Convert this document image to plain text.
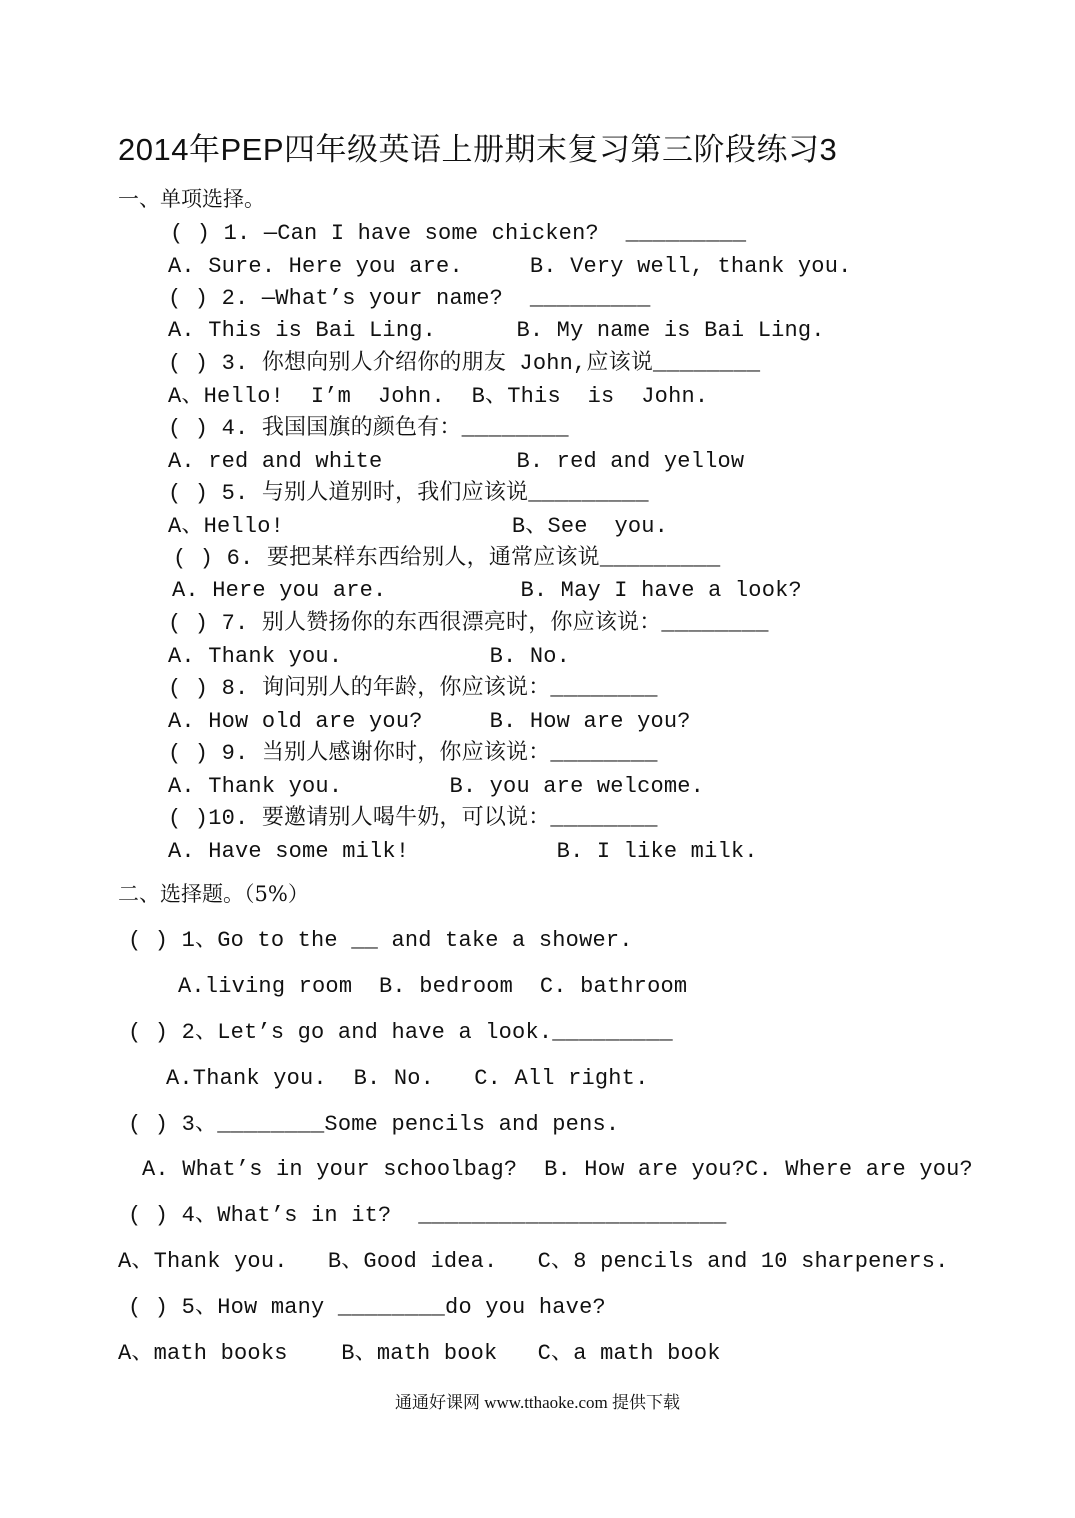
2014年PEP四年级英语上册期末复习第三阶段练习3
一、单项选择。
( ) 1. —Can I have some chicken?  _________
A. Sure. Here you are.     B. Very well, thank you.
( ) 2. —What’s your name?  _________
A. This is Bai Ling.      B. My name is Bai Ling.
( ) 3. 你想向别人介绍你的朋友 John,应该说________
A、Hello!  I’m  John.  B、This  is  John.
( ) 4. 我国国旗的颜色有：________
A. red and white          B. red and yellow
( ) 5. 与别人道别时，我们应该说_________
A、Hello!                 B、See  you.
( ) 6. 要把某样东西给别人，通常应该说_________
A. Here you are.          B. May I have a look?
( ) 7. 别人赞扬你的东西很漂亮时，你应该说：________
A. Thank you.           B. No.
( ) 8. 询问别人的年龄，你应该说：________
A. How old are you?     B. How are you?
( ) 9. 当别人感谢你时，你应该说：________
A. Thank you.        B. you are welcome.
( )10. 要邀请别人喝牛奶，可以说：________
A. Have some milk!           B. I like milk.
二、选择题。（5%）
( ) 1、Go to the __ and take a shower.
A.living room  B. bedroom  C. bathroom
( ) 2、Let’s go and have a look._________
A.Thank you.  B. No.   C. All right.
( ) 3、________Some pencils and pens.
A. What’s in your schoolbag?  B. How are you?C. Where are you?
( ) 4、What’s in it?  _______________________
A、Thank you.   B、Good idea.   C、8 pencils and 10 sharpeners.
( ) 5、How many ________do you have?
A、math books    B、math book   C、a math book
通通好课网 www.tthaoke.com 提供下载
